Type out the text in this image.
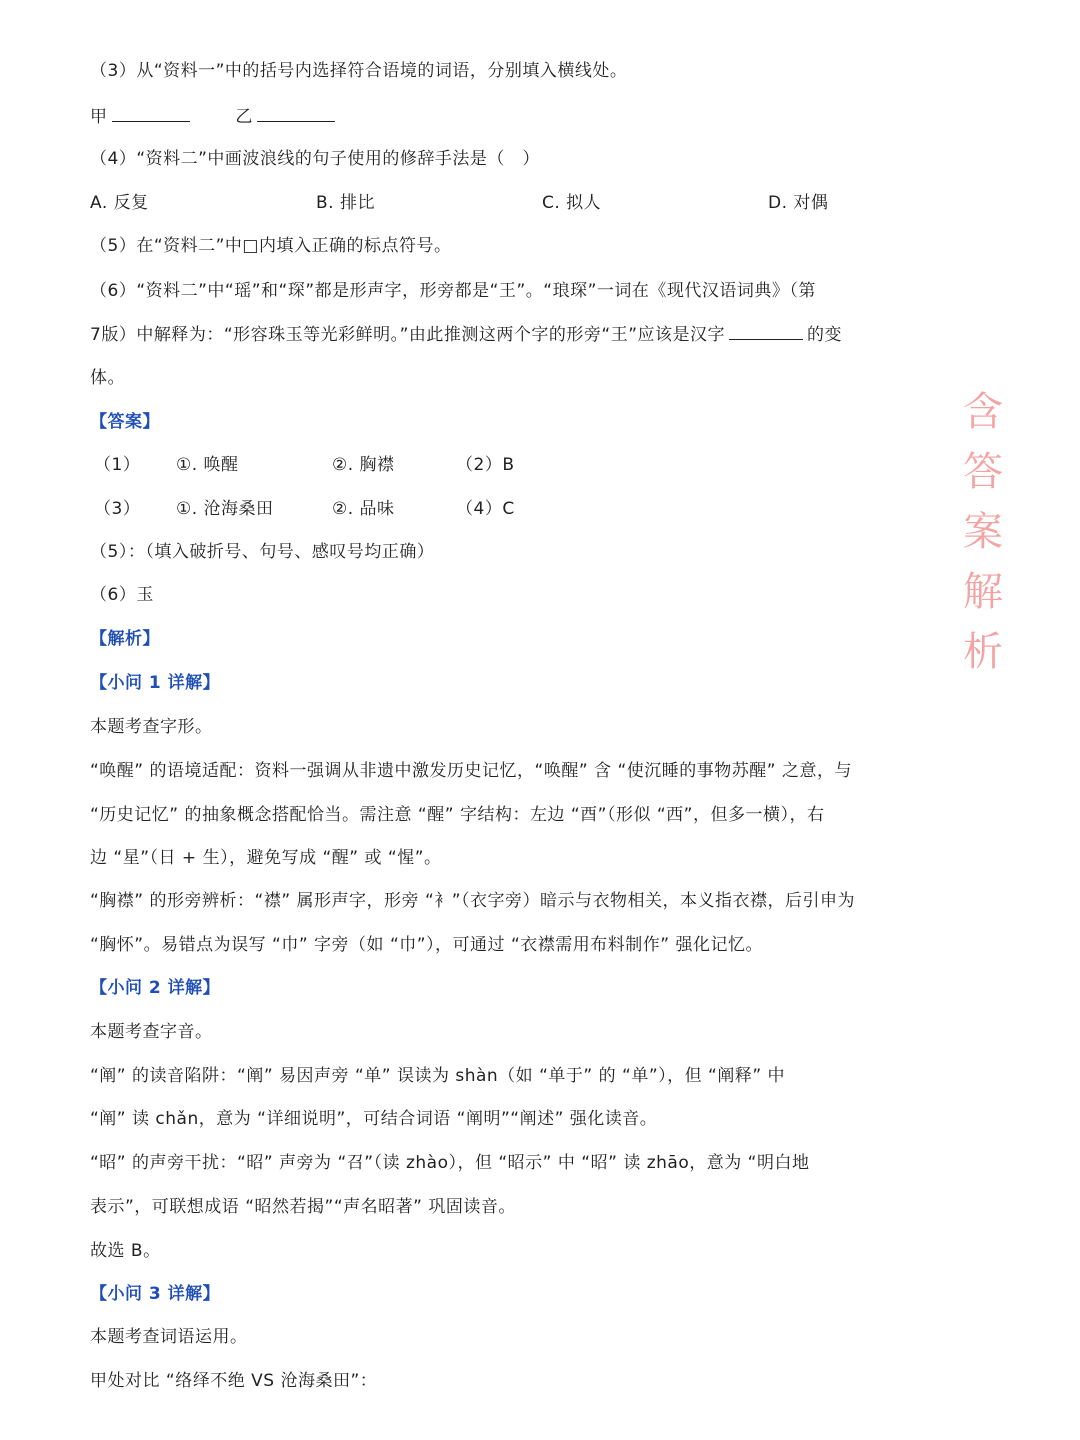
（3）从“资料一”中的括号内选择符合语境的词语，分别填入横线处。
甲	乙
（4）“资料二”中画波浪线的句子使用的修辞手法是（　）
A. 反复	B. 排比	C. 拟人	D. 对偶
（5）在“资料二”中□内填入正确的标点符号。
（6）“资料二”中“瑶”和“琛”都是形声字，形旁都是“王”。“琅琛”一词在《现代汉语词典》（第
7版）中解释为：“形容珠玉等光彩鲜明。”由此推测这两个字的形旁“王”应该是汉字	的变
体。
【答案】
（1） ①. 唤醒	②. 胸襟	（2）B
（3） ①. 沧海桑田	②. 品味	（4）C
（5）：（填入破折号、句号、感叹号均正确）
（6）玉
【解析】
【小问 1 详解】
本题考查字形。
“唤醒” 的语境适配：资料一强调从非遗中激发历史记忆，“唤醒” 含 “使沉睡的事物苏醒” 之意，与
“历史记忆” 的抽象概念搭配恰当。需注意 “醒” 字结构：左边 “酉”（形似 “西”，但多一横），右
边 “星”（日 + 生），避免写成 “醒” 或 “惺”。
“胸襟” 的形旁辨析：“襟” 属形声字，形旁 “衤”（衣字旁）暗示与衣物相关，本义指衣襟，后引申为
“胸怀”。易错点为误写 “巾” 字旁（如 “巾”），可通过 “衣襟需用布料制作” 强化记忆。
【小问 2 详解】
本题考查字音。
“阐” 的读音陷阱：“阐” 易因声旁 “单” 误读为 shàn（如 “单于” 的 “单”），但 “阐释” 中
“阐” 读 chǎn，意为 “详细说明”，可结合词语 “阐明”“阐述” 强化读音。
“昭” 的声旁干扰：“昭” 声旁为 “召”（读 zhào），但 “昭示” 中 “昭” 读 zhāo，意为 “明白地
表示”，可联想成语 “昭然若揭”“声名昭著” 巩固读音。
故选 B。
【小问 3 详解】
本题考查词语运用。
甲处对比 “络绎不绝 VS 沧海桑田”：
含
答
案
解
析
